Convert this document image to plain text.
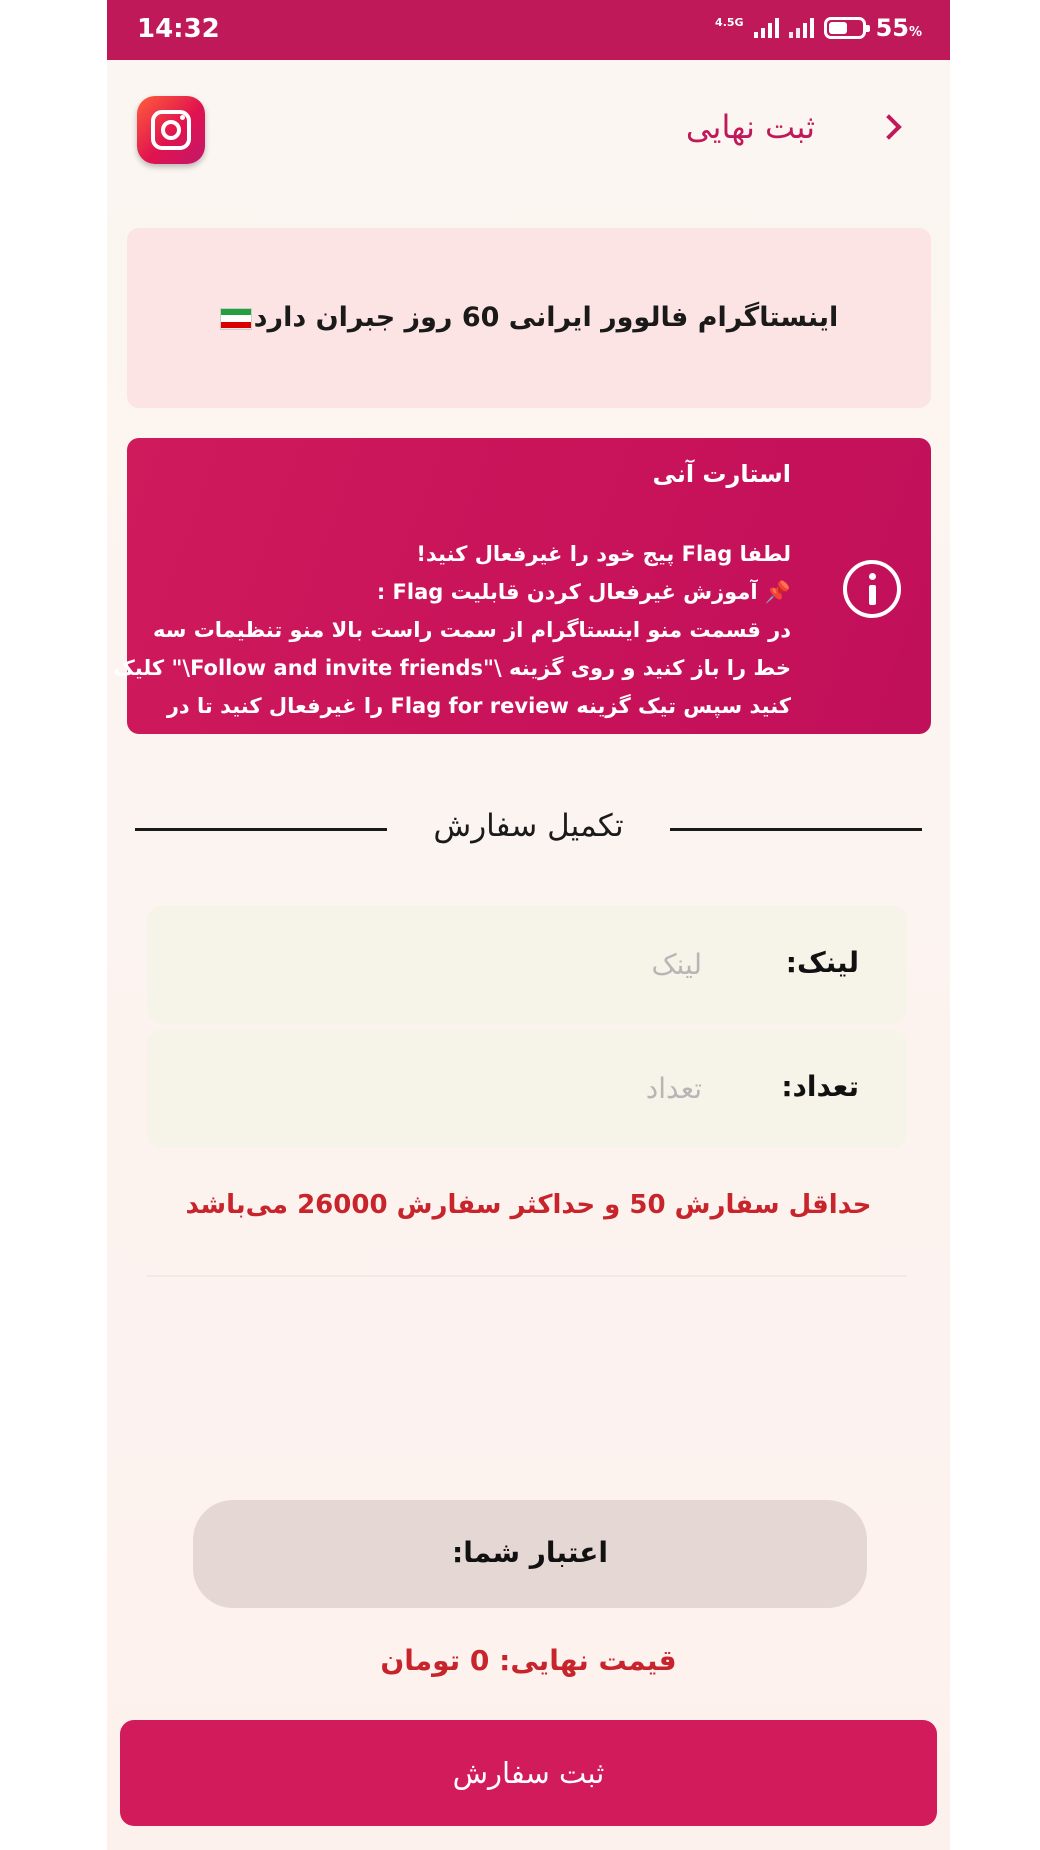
14:32	4.5G	55%
ثبت نهایی
اینستاگرام فالوور ایرانی 60 روز جبران دارد
استارت آنی
لطفا Flag پیج خود را غیرفعال کنید!
📌 آموزش غیرفعال کردن قابلیت Flag :
در قسمت منو اینستاگرام از سمت راست بالا منو تنظیمات سه
خط را باز کنید و روی گزینه \"Follow and invite friends\" کلیک
کنید سپس تیک گزینه Flag for review را غیرفعال کنید تا در
تکمیل سفارش
لینک:
لینک
تعداد:
تعداد
حداقل سفارش 50 و حداکثر سفارش 26000 می‌باشد
اعتبار شما:
قیمت نهایی: 0 تومان
ثبت سفارش
